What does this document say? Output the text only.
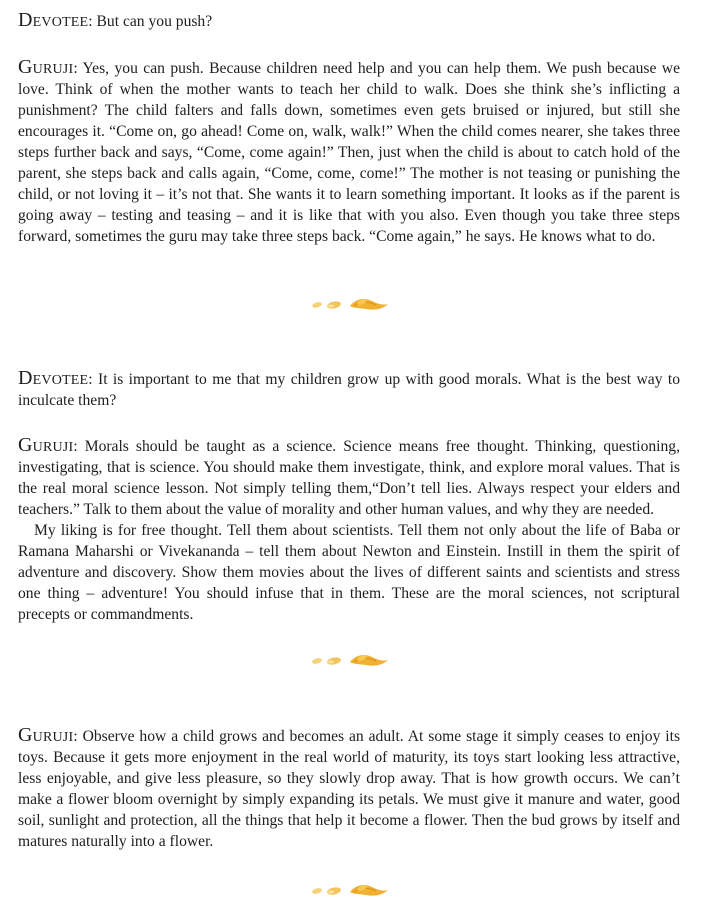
Devotee: But can you push?

Guruji: Yes, you can push. Because children need help and you can help them. We push because we love. Think of when the mother wants to teach her child to walk. Does she think she’s inflicting a punishment? The child falters and falls down, sometimes even gets bruised or injured, but still she encourages it. “Come on, go ahead! Come on, walk, walk!” When the child comes nearer, she takes three steps further back and says, “Come, come again!” Then, just when the child is about to catch hold of the parent, she steps back and calls again, “Come, come, come!” The mother is not teasing or punishing the child, or not loving it – it’s not that. She wants it to learn something important. It looks as if the parent is going away – testing and teasing – and it is like that with you also. Even though you take three steps forward, sometimes the guru may take three steps back. “Come again,” he says. He knows what to do.

Devotee: It is important to me that my children grow up with good morals. What is the best way to inculcate them?

Guruji: Morals should be taught as a science. Science means free thought. Thinking, questioning, investigating, that is science. You should make them investigate, think, and explore moral values. That is the real moral science lesson. Not simply telling them,“Don’t tell lies. Always respect your elders and teachers.” Talk to them about the value of morality and other human values, and why they are needed.

My liking is for free thought. Tell them about scientists. Tell them not only about the life of Baba or Ramana Maharshi or Vivekananda – tell them about Newton and Einstein. Instill in them the spirit of adventure and discovery. Show them movies about the lives of different saints and scientists and stress one thing – adventure! You should infuse that in them. These are the moral sciences, not scriptural precepts or commandments.

Guruji: Observe how a child grows and becomes an adult. At some stage it simply ceases to enjoy its toys. Because it gets more enjoyment in the real world of maturity, its toys start looking less attractive, less enjoyable, and give less pleasure, so they slowly drop away. That is how growth occurs. We can’t make a flower bloom overnight by simply expanding its petals. We must give it manure and water, good soil, sunlight and protection, all the things that help it become a flower. Then the bud grows by itself and matures naturally into a flower.
